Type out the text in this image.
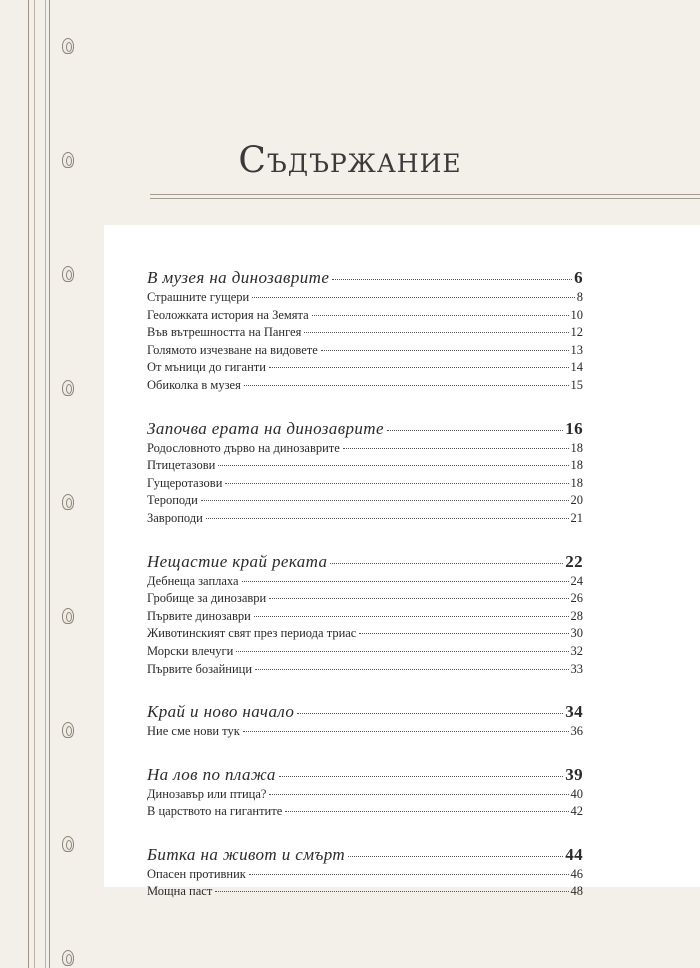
Съдържание
В музея на динозаврите	6
Страшните гущери	8
Геоложката история на Земята	10
Във вътрешността на Пангея	12
Голямото изчезване на видовете	13
От мъници до гиганти	14
Обиколка в музея	15
Започва ерата на динозаврите	16
Родословното дърво на динозаврите	18
Птицетазови	18
Гущеротазови	18
Тероподи	20
Завроподи	21
Нещастие край реката	22
Дебнеща заплаха	24
Гробище за динозаври	26
Първите динозаври	28
Животинският свят през периода триас	30
Морски влечуги	32
Първите бозайници	33
Край и ново начало	34
Ние сме нови тук	36
На лов по плажа	39
Динозавър или птица?	40
В царството на гигантите	42
Битка на живот и смърт	44
Опасен противник	46
Мощна паст	48
